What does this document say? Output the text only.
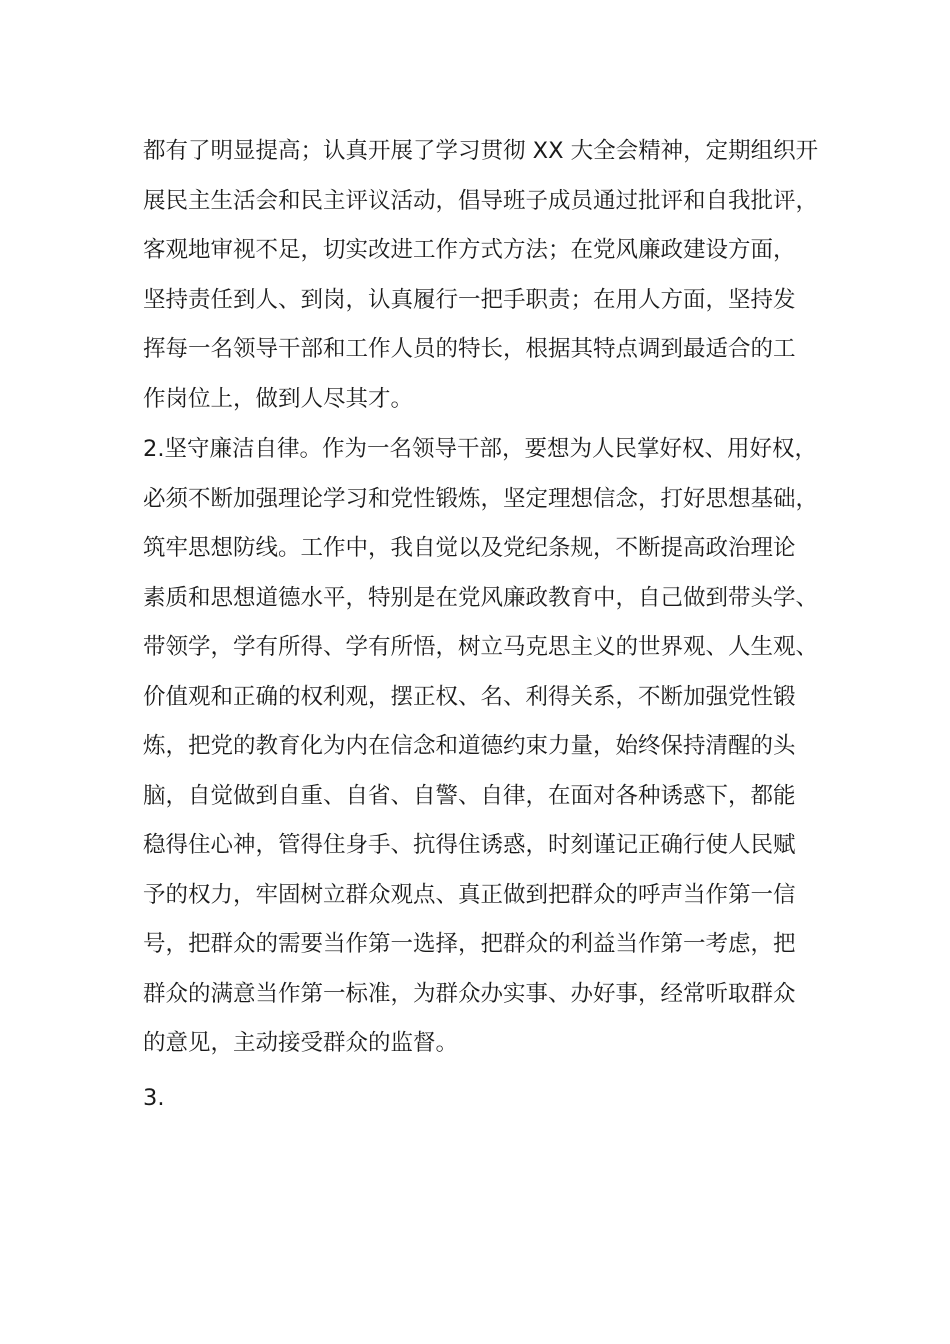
都有了明显提高；认真开展了学习贯彻 XX 大全会精神，定期组织开
展民主生活会和民主评议活动，倡导班子成员通过批评和自我批评，
客观地审视不足，切实改进工作方式方法；在党风廉政建设方面，
坚持责任到人、到岗，认真履行一把手职责；在用人方面，坚持发
挥每一名领导干部和工作人员的特长，根据其特点调到最适合的工
作岗位上，做到人尽其才。
2.坚守廉洁自律。作为一名领导干部，要想为人民掌好权、用好权，
必须不断加强理论学习和党性锻炼，坚定理想信念，打好思想基础，
筑牢思想防线。工作中，我自觉以及党纪条规，不断提高政治理论
素质和思想道德水平，特别是在党风廉政教育中，自己做到带头学、
带领学，学有所得、学有所悟，树立马克思主义的世界观、人生观、
价值观和正确的权利观，摆正权、名、利得关系，不断加强党性锻
炼，把党的教育化为内在信念和道德约束力量，始终保持清醒的头
脑，自觉做到自重、自省、自警、自律，在面对各种诱惑下，都能
稳得住心神，管得住身手、抗得住诱惑，时刻谨记正确行使人民赋
予的权力，牢固树立群众观点、真正做到把群众的呼声当作第一信
号，把群众的需要当作第一选择，把群众的利益当作第一考虑，把
群众的满意当作第一标准，为群众办实事、办好事，经常听取群众
的意见，主动接受群众的监督。
3.
